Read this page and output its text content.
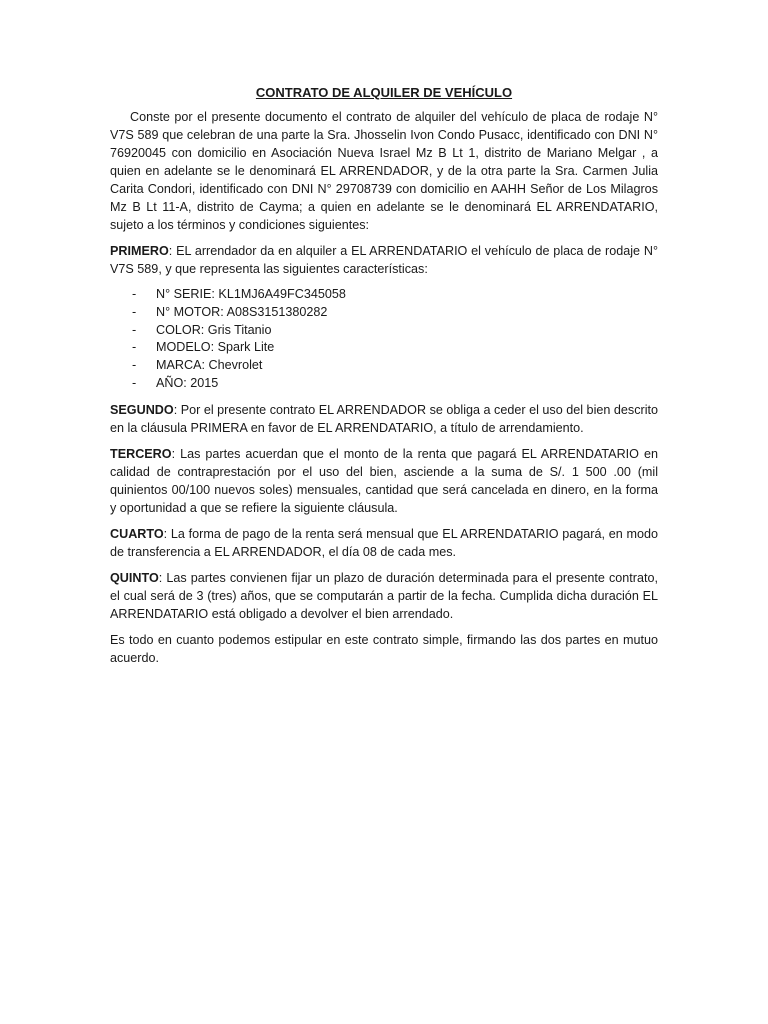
CONTRATO DE ALQUILER DE VEHÍCULO

Conste por el presente documento el contrato de alquiler del vehículo de placa de rodaje N° V7S 589 que celebran de una parte la Sra. Jhosselin Ivon Condo Pusacc, identificado con DNI N° 76920045 con domicilio en Asociación Nueva Israel Mz B Lt 1, distrito de Mariano Melgar , a quien en adelante se le denominará EL ARRENDADOR, y de la otra parte la Sra. Carmen Julia Carita Condori, identificado con DNI N° 29708739 con domicilio en AAHH Señor de Los Milagros Mz B Lt 11-A, distrito de Cayma; a quien en adelante se le denominará EL ARRENDATARIO, sujeto a los términos y condiciones siguientes:

PRIMERO: EL arrendador da en alquiler a EL ARRENDATARIO el vehículo de placa de rodaje N° V7S 589, y que representa las siguientes características:

- N° SERIE: KL1MJ6A49FC345058
- N° MOTOR: A08S3151380282
- COLOR: Gris Titanio
- MODELO: Spark Lite
- MARCA: Chevrolet
- AÑO: 2015

SEGUNDO: Por el presente contrato EL ARRENDADOR se obliga a ceder el uso del bien descrito en la cláusula PRIMERA en favor de EL ARRENDATARIO, a título de arrendamiento.

TERCERO: Las partes acuerdan que el monto de la renta que pagará EL ARRENDATARIO en calidad de contraprestación por el uso del bien, asciende a la suma de S/. 1 500 .00 (mil quinientos 00/100 nuevos soles) mensuales, cantidad que será cancelada en dinero, en la forma y oportunidad a que se refiere la siguiente cláusula.

CUARTO: La forma de pago de la renta será mensual que EL ARRENDATARIO pagará, en modo de transferencia a EL ARRENDADOR, el día 08 de cada mes.

QUINTO: Las partes convienen fijar un plazo de duración determinada para el presente contrato, el cual será de 3 (tres) años, que se computarán a partir de la fecha. Cumplida dicha duración EL ARRENDATARIO está obligado a devolver el bien arrendado.

Es todo en cuanto podemos estipular en este contrato simple, firmando las dos partes en mutuo acuerdo.
